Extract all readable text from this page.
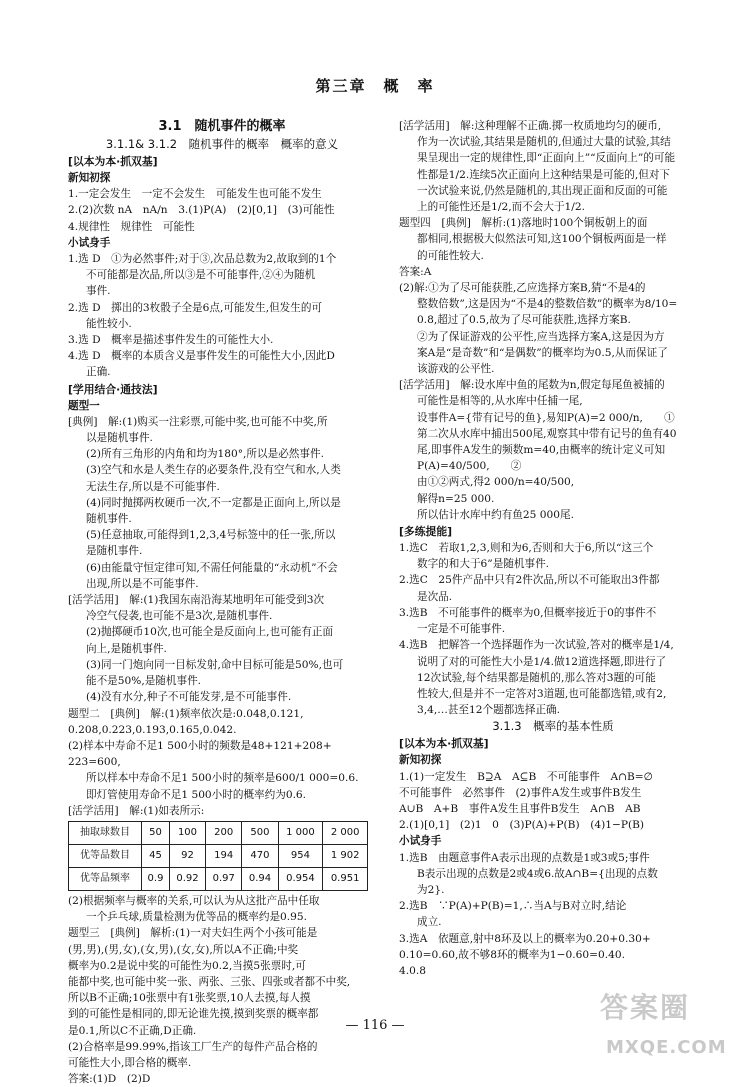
第三章　概　率
3.1　随机事件的概率
3.1.1& 3.1.2　随机事件的概率　概率的意义
[以本为本·抓双基]
新知初探
1.一定会发生　一定不会发生　可能发生也可能不发生
2.(2)次数 nA　nA/n　3.(1)P(A)　(2)[0,1]　(3)可能性
4.规律性　规律性　可能性
小试身手
1.选 D　①为必然事件;对于③,次品总数为2,故取到的1个
不可能都是次品,所以③是不可能事件,②④为随机
事件.
2.选 D　掷出的3枚骰子全是6点,可能发生,但发生的可
能性较小.
3.选 D　概率是描述事件发生的可能性大小.
4.选 D　概率的本质含义是事件发生的可能性大小,因此D
正确.
[学用结合·通技法]
题型一
[典例]　解:(1)购买一注彩票,可能中奖,也可能不中奖,所
以是随机事件.
(2)所有三角形的内角和均为180°,所以是必然事件.
(3)空气和水是人类生存的必要条件,没有空气和水,人类
无法生存,所以是不可能事件.
(4)同时抛掷两枚硬币一次,不一定都是正面向上,所以是
随机事件.
(5)任意抽取,可能得到1,2,3,4号标签中的任一张,所以
是随机事件.
(6)由能量守恒定律可知,不需任何能量的“永动机”不会
出现,所以是不可能事件.
[活学活用]　解:(1)我国东南沿海某地明年可能受到3次
冷空气侵袭,也可能不是3次,是随机事件.
(2)抛掷硬币10次,也可能全是反面向上,也可能有正面
向上,是随机事件.
(3)同一门炮向同一目标发射,命中目标可能是50%,也可
能不是50%,是随机事件.
(4)没有水分,种子不可能发芽,是不可能事件.
题型二　[典例]　解:(1)频率依次是:0.048,0.121,
0.208,0.223,0.193,0.165,0.042.
(2)样本中寿命不足1 500小时的频数是48+121+208+
223=600,
所以样本中寿命不足1 500小时的频率是600/1 000=0.6.
即灯管使用寿命不足1 500小时的概率约为0.6.
[活学活用]　解:(1)如表所示:
抽取球数目	50	100	200	500	1 000	2 000
优等品数目	45	92	194	470	954	1 902
优等品频率	0.9	0.92	0.97	0.94	0.954	0.951
(2)根据频率与概率的关系,可以认为从这批产品中任取
一个乒乓球,质量检测为优等品的概率约是0.95.
题型三　[典例]　解析:(1)一对夫妇生两个小孩可能是
(男,男),(男,女),(女,男),(女,女),所以A不正确;中奖
概率为0.2是说中奖的可能性为0.2,当摸5张票时,可
能都中奖,也可能中奖一张、两张、三张、四张或者都不中奖,
所以B不正确;10张票中有1张奖票,10人去摸,每人摸
到的可能性是相同的,即无论谁先摸,摸到奖票的概率都
是0.1,所以C不正确,D正确.
(2)合格率是99.99%,指该工厂生产的每件产品合格的
可能性大小,即合格的概率.
答案:(1)D　(2)D
[活学活用]　解:这种理解不正确.掷一枚质地均匀的硬币,
作为一次试验,其结果是随机的,但通过大量的试验,其结
果呈现出一定的规律性,即“正面向上”“反面向上”的可能
性都是1/2.连续5次正面向上这种结果是可能的,但对下
一次试验来说,仍然是随机的,其出现正面和反面的可能
上的可能性还是1/2,而不会大于1/2.
题型四　[典例]　解析:(1)落地时100个铜板朝上的面
都相同,根据极大似然法可知,这100个铜板两面是一样
的可能性较大.
答案:A
(2)解:①为了尽可能获胜,乙应选择方案B,猜“不是4的
整数倍数”,这是因为“不是4的整数倍数”的概率为8/10=
0.8,超过了0.5,故为了尽可能获胜,选择方案B.
②为了保证游戏的公平性,应当选择方案A,这是因为方
案A是“是奇数”和“是偶数”的概率均为0.5,从而保证了
该游戏的公平性.
[活学活用]　解:设水库中鱼的尾数为n,假定每尾鱼被捕的
可能性是相等的,从水库中任捕一尾,
设事件A={带有记号的鱼},易知P(A)=2 000/n,　　①
第二次从水库中捕出500尾,观察其中带有记号的鱼有40
尾,即事件A发生的频数m=40,由概率的统计定义可知
P(A)=40/500,　　②
由①②两式,得2 000/n=40/500,
解得n=25 000.
所以估计水库中约有鱼25 000尾.
[多练提能]
1.选C　若取1,2,3,则和为6,否则和大于6,所以“这三个
数字的和大于6”是随机事件.
2.选C　25件产品中只有2件次品,所以不可能取出3件都
是次品.
3.选B　不可能事件的概率为0,但概率接近于0的事件不
一定是不可能事件.
4.选B　把解答一个选择题作为一次试验,答对的概率是1/4,
说明了对的可能性大小是1/4.做12道选择题,即进行了
12次试验,每个结果都是随机的,那么答对3题的可能
性较大,但是并不一定答对3道题,也可能都选错,或有2,
3,4,…甚至12个题都选择正确.
3.1.3　概率的基本性质
[以本为本·抓双基]
新知初探
1.(1)一定发生　B⊇A　A⊆B　不可能事件　A∩B=∅
不可能事件　必然事件　(2)事件A发生或事件B发生
A∪B　A+B　事件A发生且事件B发生　A∩B　AB
2.(1)[0,1]　(2)1　0　(3)P(A)+P(B)　(4)1−P(B)
小试身手
1.选B　由题意事件A表示出现的点数是1或3或5;事件
B表示出现的点数是2或4或6.故A∩B={出现的点数
为2}.
2.选B　∵P(A)+P(B)=1,∴当A与B对立时,结论
成立.
3.选A　依题意,射中8环及以上的概率为0.20+0.30+
0.10=0.60,故不够8环的概率为1−0.60=0.40.
4.0.8
— 116 —
答案圈
MXQE.COM
